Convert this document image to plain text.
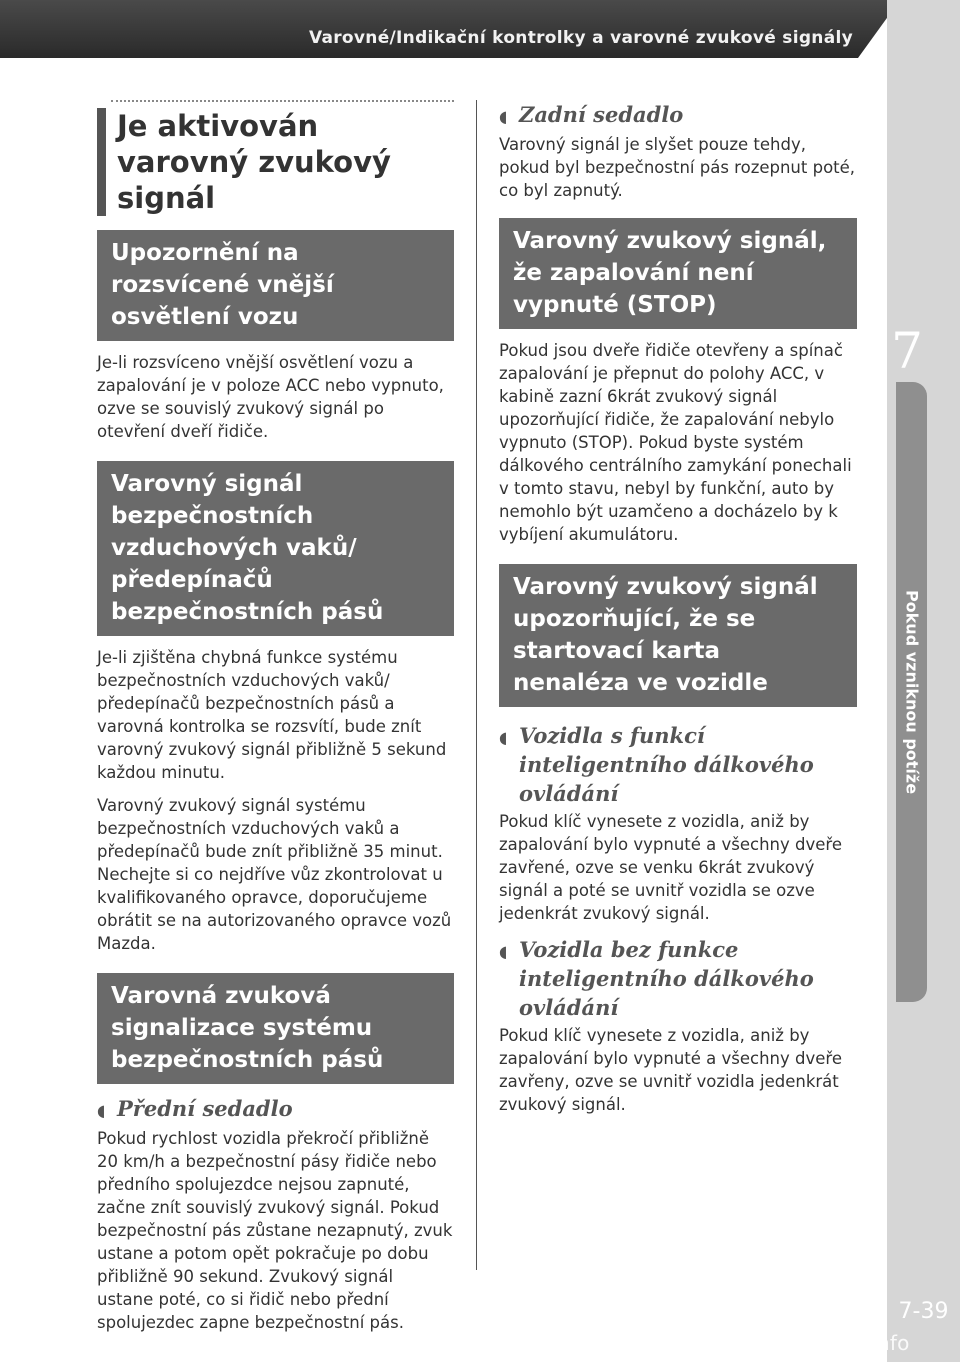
Varovné/Indikační kontrolky a varovné zvukové signály
7
Pokud vzniknou potíže
7-39
carmanualsonline.info
Je aktivován varovný zvukový signál
Upozornění na rozsvícené vnější osvětlení vozu

Je-li rozsvíceno vnější osvětlení vozu a zapalování je v poloze ACC nebo vypnuto, ozve se souvislý zvukový signál po otevření dveří řidiče.

Varovný signál bezpečnostních vzduchových vaků/ předepínačů bezpečnostních pásů

Je-li zjištěna chybná funkce systému bezpečnostních vzduchových vaků/ předepínačů bezpečnostních pásů a varovná kontrolka se rozsvítí, bude znít varovný zvukový signál přibližně 5 sekund každou minutu.

Varovný zvukový signál systému bezpečnostních vzduchových vaků a předepínačů bude znít přibližně 35 minut. Nechejte si co nejdříve vůz zkontrolovat u kvalifikovaného opravce, doporučujeme obrátit se na autorizovaného opravce vozů Mazda.

Varovná zvuková signalizace systému bezpečnostních pásů
◖ Přední sedadlo

Pokud rychlost vozidla překročí přibližně 20 km/h a bezpečnostní pásy řidiče nebo předního spolujezdce nejsou zapnuté, začne znít souvislý zvukový signál. Pokud bezpečnostní pás zůstane nezapnutý, zvuk ustane a potom opět pokračuje po dobu přibližně 90 sekund. Zvukový signál ustane poté, co si řidič nebo přední spolujezdec zapne bezpečnostní pás.

◖ Zadní sedadlo

Varovný signál je slyšet pouze tehdy, pokud byl bezpečnostní pás rozepnut poté, co byl zapnutý.

Varovný zvukový signál, že zapalování není vypnuté (STOP)

Pokud jsou dveře řidiče otevřeny a spínač zapalování je přepnut do polohy ACC, v kabině zazní 6krát zvukový signál upozorňující řidiče, že zapalování nebylo vypnuto (STOP). Pokud byste systém dálkového centrálního zamykání ponechali v tomto stavu, nebyl by funkční, auto by nemohlo být uzamčeno a docházelo by k vybíjení akumulátoru.

Varovný zvukový signál upozorňující, že se startovací karta nenaléza ve vozidle
◖ Vozidla s funkcí inteligentního dálkového ovládání

Pokud klíč vynesete z vozidla, aniž by zapalování bylo vypnuté a všechny dveře zavřené, ozve se venku 6krát zvukový signál a poté se uvnitř vozidla se ozve jedenkrát zvukový signál.

◖ Vozidla bez funkce inteligentního dálkového ovládání

Pokud klíč vynesete z vozidla, aniž by zapalování bylo vypnuté a všechny dveře zavřeny, ozve se uvnitř vozidla jedenkrát zvukový signál.
